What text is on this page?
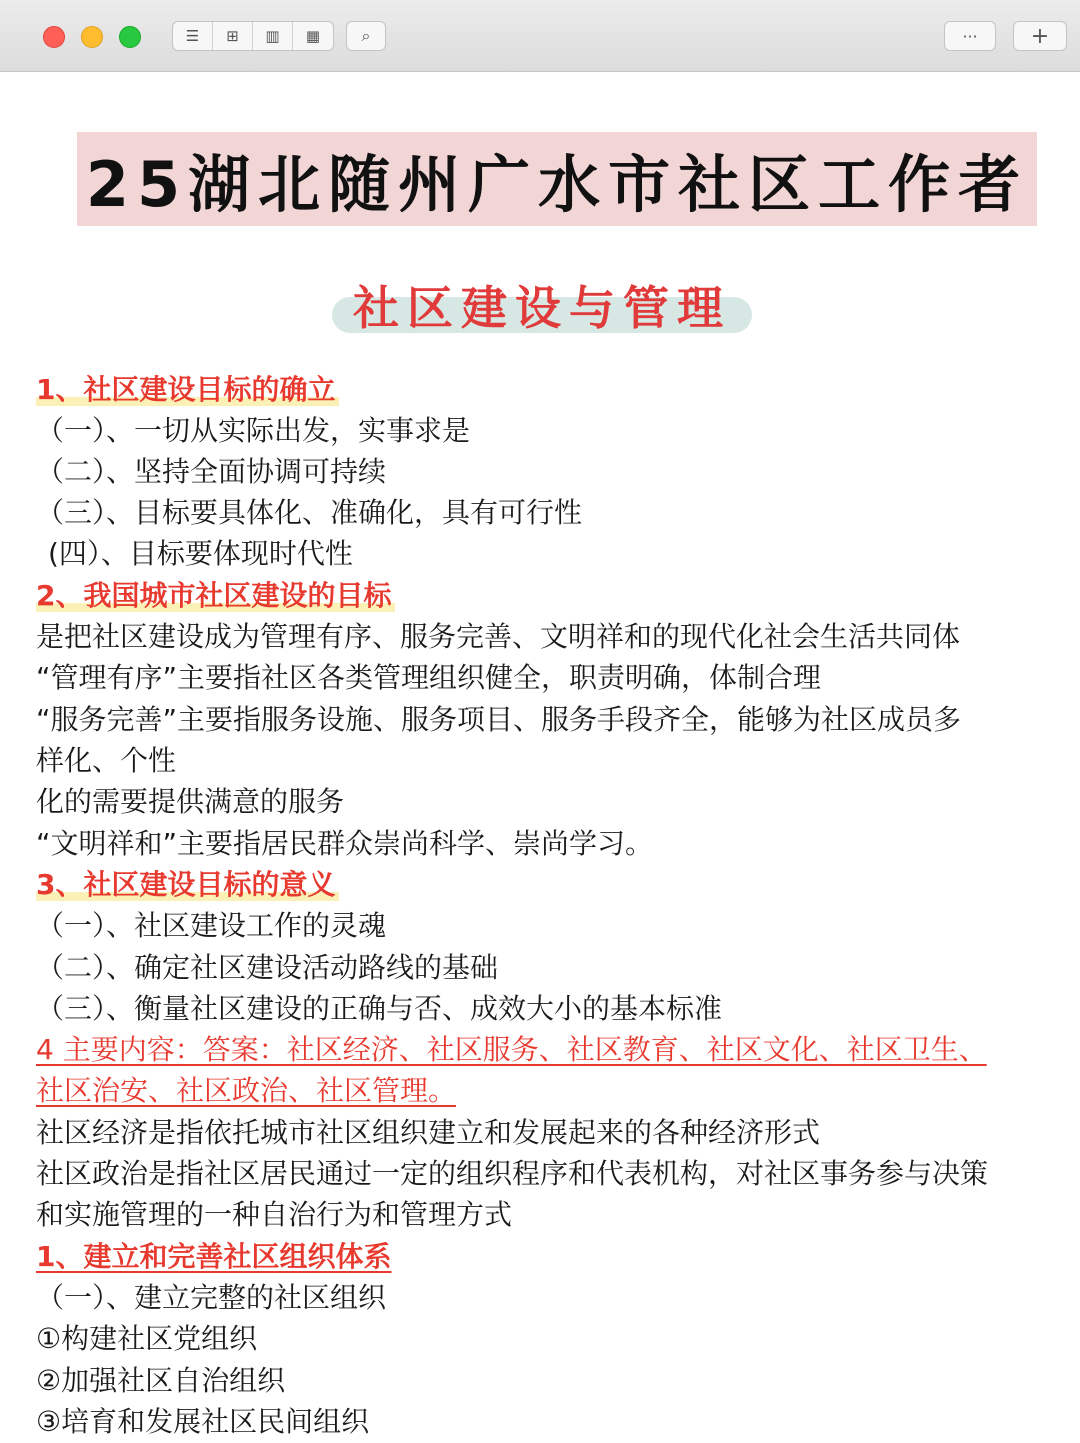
☰	⊞	▥	▦	⌕	···	+
25湖北随州广水市社区工作者
社区建设与管理
1、社区建设目标的确立
（一）、一切从实际出发，实事求是
（二）、坚持全面协调可持续
（三）、目标要具体化、准确化，具有可行性
(四）、目标要体现时代性
2、我国城市社区建设的目标
是把社区建设成为管理有序、服务完善、文明祥和的现代化社会生活共同体
“管理有序”主要指社区各类管理组织健全，职责明确，体制合理
“服务完善”主要指服务设施、服务项目、服务手段齐全，能够为社区成员多
样化、个性
化的需要提供满意的服务
“文明祥和”主要指居民群众崇尚科学、崇尚学习。
3、社区建设目标的意义
（一）、社区建设工作的灵魂
（二）、确定社区建设活动路线的基础
（三）、衡量社区建设的正确与否、成效大小的基本标准
4 主要内容：答案：社区经济、社区服务、社区教育、社区文化、社区卫生、
社区治安、社区政治、社区管理。
社区经济是指依托城市社区组织建立和发展起来的各种经济形式
社区政治是指社区居民通过一定的组织程序和代表机构，对社区事务参与决策
和实施管理的一种自治行为和管理方式
1、建立和完善社区组织体系
（一）、建立完整的社区组织
①构建社区党组织
②加强社区自治组织
③培育和发展社区民间组织
